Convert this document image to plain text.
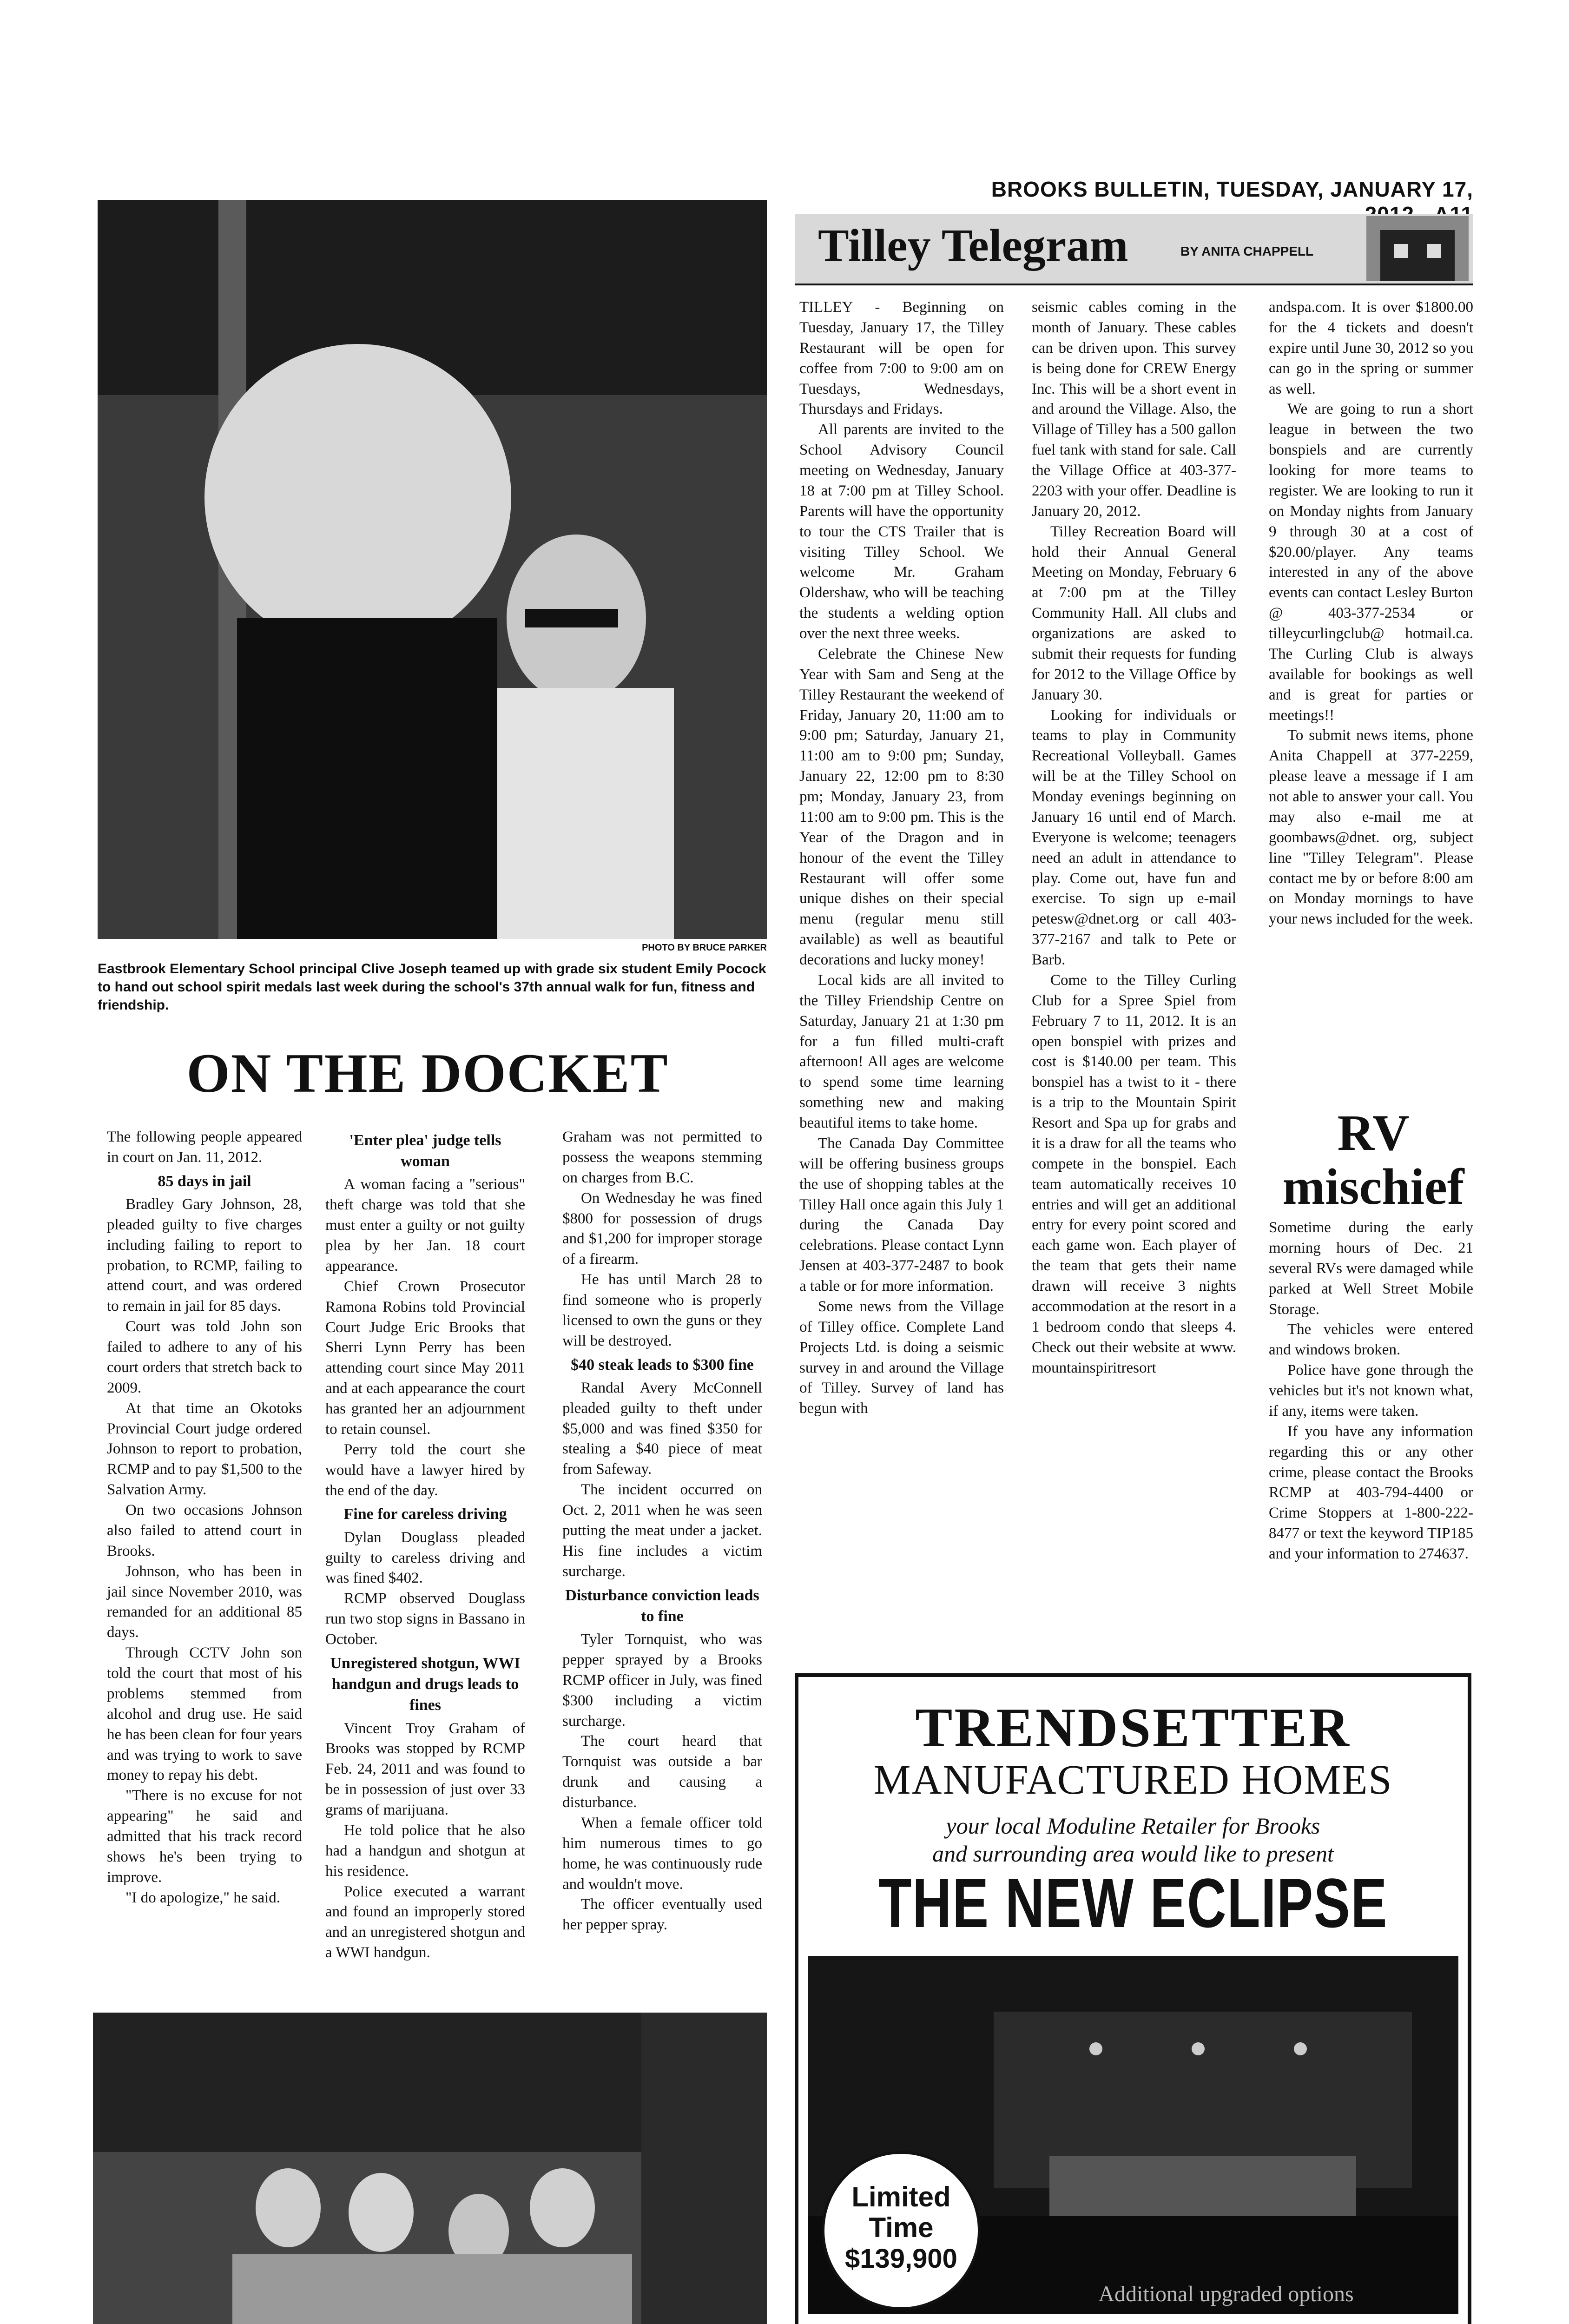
BROOKS BULLETIN, TUESDAY, JANUARY 17,
PHOTO BY BRUCE PARKER
Eastbrook Elementary School principal Clive Joseph teamed up with grade six student Emily Pocock to hand out school spirit medals last week during the school's 37th annual walk for fun, fitness and friendship.
ON THE DOCKET

The following people appeared in court on Jan. 11, 2012.

85 days in jail

Bradley Gary Johnson, 28, pleaded guilty to five charges including failing to report to probation, to RCMP, failing to attend court, and was ordered to remain in jail for 85 days.

Court was told John son failed to adhere to any of his court orders that stretch back to 2009.

At that time an Okotoks Provincial Court judge ordered Johnson to report to probation, RCMP and to pay $1,500 to the Salvation Army.

On two occasions Johnson also failed to attend court in Brooks.

Johnson, who has been in jail since November 2010, was remanded for an additional 85 days.

Through CCTV John son told the court that most of his problems stemmed from alcohol and drug use. He said he has been clean for four years and was trying to work to save money to repay his debt.

"There is no excuse for not appearing" he said and admitted that his track record shows he's been trying to improve.

"I do apologize," he said.

'Enter plea' judge tells woman

A woman facing a "serious" theft charge was told that she must enter a guilty or not guilty plea by her Jan. 18 court appearance.

Chief Crown Prosecutor Ramona Robins told Provincial Court Judge Eric Brooks that Sherri Lynn Perry has been attending court since May 2011 and at each appearance the court has granted her an adjournment to retain counsel.

Perry told the court she would have a lawyer hired by the end of the day.

Fine for careless driving

Dylan Douglass pleaded guilty to careless driving and was fined $402.

RCMP observed Douglass run two stop signs in Bassano in October.

Unregistered shotgun, WWI handgun and drugs leads to fines

Vincent Troy Graham of Brooks was stopped by RCMP Feb. 24, 2011 and was found to be in possession of just over 33 grams of marijuana.

He told police that he also had a handgun and shotgun at his residence.

Police executed a warrant and found an improperly stored and an unregistered shotgun and a WWI handgun.

Graham was not permitted to possess the weapons stemming on charges from B.C.

On Wednesday he was fined $800 for possession of drugs and $1,200 for improper storage of a firearm.

He has until March 28 to find someone who is properly licensed to own the guns or they will be destroyed.

$40 steak leads to $300 fine

Randal Avery McConnell pleaded guilty to theft under $5,000 and was fined $350 for stealing a $40 piece of meat from Safeway.

The incident occurred on Oct. 2, 2011 when he was seen putting the meat under a jacket. His fine includes a victim surcharge.

Disturbance conviction leads to fine

Tyler Tornquist, who was pepper sprayed by a Brooks RCMP officer in July, was fined $300 including a victim surcharge.

The court heard that Tornquist was outside a bar drunk and causing a disturbance.

When a female officer told him numerous times to go home, he was continuously rude and wouldn't move.

The officer eventually used her pepper spray.

Tilley Telegram	BY ANITA CHAPPELL

TILLEY - Beginning on Tuesday, January 17, the Tilley Restaurant will be open for coffee from 7:00 to 9:00 am on Tuesdays, Wednesdays, Thursdays and Fridays.

All parents are invited to the School Advisory Council meeting on Wednesday, January 18 at 7:00 pm at Tilley School. Parents will have the opportunity to tour the CTS Trailer that is visiting Tilley School. We welcome Mr. Graham Oldershaw, who will be teaching the students a welding option over the next three weeks.

Celebrate the Chinese New Year with Sam and Seng at the Tilley Restaurant the weekend of Friday, January 20, 11:00 am to 9:00 pm; Saturday, January 21, 11:00 am to 9:00 pm; Sunday, January 22, 12:00 pm to 8:30 pm; Monday, January 23, from 11:00 am to 9:00 pm. This is the Year of the Dragon and in honour of the event the Tilley Restaurant will offer some unique dishes on their special menu (regular menu still available) as well as beautiful decorations and lucky money!

Local kids are all invited to the Tilley Friendship Centre on Saturday, January 21 at 1:30 pm for a fun filled multi-craft afternoon! All ages are welcome to spend some time learning something new and making beautiful items to take home.

The Canada Day Committee will be offering business groups the use of shopping tables at the Tilley Hall once again this July 1 during the Canada Day celebrations. Please contact Lynn Jensen at 403-377-2487 to book a table or for more information.

Some news from the Village of Tilley office. Complete Land Projects Ltd. is doing a seismic survey in and around the Village of Tilley. Survey of land has begun with

seismic cables coming in the month of January. These cables can be driven upon. This survey is being done for CREW Energy Inc. This will be a short event in and around the Village. Also, the Village of Tilley has a 500 gallon fuel tank with stand for sale. Call the Village Office at 403-377-2203 with your offer. Deadline is January 20, 2012.

Tilley Recreation Board will hold their Annual General Meeting on Monday, February 6 at 7:00 pm at the Tilley Community Hall. All clubs and organizations are asked to submit their requests for funding for 2012 to the Village Office by January 30.

Looking for individuals or teams to play in Community Recreational Volleyball. Games will be at the Tilley School on Monday evenings beginning on January 16 until end of March. Everyone is welcome; teenagers need an adult in attendance to play. Come out, have fun and exercise. To sign up e-mail petesw@dnet.org or call 403-377-2167 and talk to Pete or Barb.

Come to the Tilley Curling Club for a Spree Spiel from February 7 to 11, 2012. It is an open bonspiel with prizes and cost is $140.00 per team. This bonspiel has a twist to it - there is a trip to the Mountain Spirit Resort and Spa up for grabs and it is a draw for all the teams who compete in the bonspiel. Each team automatically receives 10 entries and will get an additional entry for every point scored and each game won. Each player of the team that gets their name drawn will receive 3 nights accommodation at the resort in a 1 bedroom condo that sleeps 4. Check out their website at www. mountainspiritresort

andspa.com. It is over $1800.00 for the 4 tickets and doesn't expire until June 30, 2012 so you can go in the spring or summer as well.

We are going to run a short league in between the two bonspiels and are currently looking for more teams to register. We are looking to run it on Monday nights from January 9 through 30 at a cost of $20.00/player. Any teams interested in any of the above events can contact Lesley Burton @ 403-377-2534 or tilleycurlingclub@ hotmail.ca. The Curling Club is always available for bookings as well and is great for parties or meetings!!

To submit news items, phone Anita Chappell at 377-2259, please leave a message if I am not able to answer your call. You may also e-mail me at goombaws@dnet. org, subject line "Tilley Telegram". Please contact me by or before 8:00 am on Monday mornings to have your news included for the week.

RV mischief

Sometime during the early morning hours of Dec. 21 several RVs were damaged while parked at Well Street Mobile Storage.

The vehicles were entered and windows broken.

Police have gone through the vehicles but it's not known what, if any, items were taken.

If you have any information regarding this or any other crime, please contact the Brooks RCMP at 403-794-4400 or Crime Stoppers at 1-800-222-8477 or text the keyword TIP185 and your information to 274637.

TRENDSETTER
MANUFACTURED HOMES
your local Moduline Retailer for Brooks
and surrounding area would like to present
THE NEW ECLIPSE
Limited
Time
$139,900
Additional upgraded options
